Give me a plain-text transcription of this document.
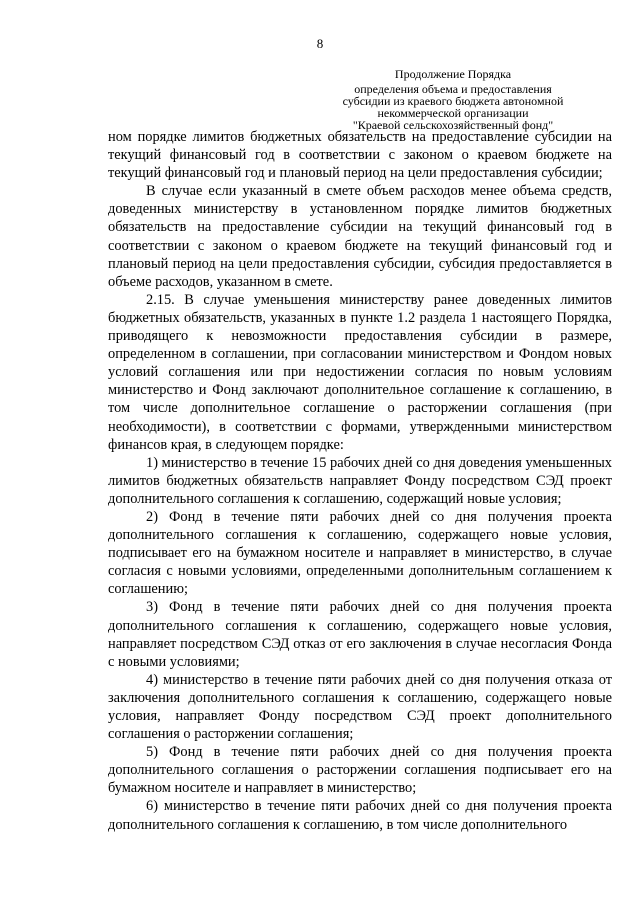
8
Продолжение Порядка
определения объема и предоставления
субсидии из краевого бюджета автономной
некоммерческой организации
"Краевой сельскохозяйственный фонд"

ном порядке лимитов бюджетных обязательств на предоставление субсидии на текущий финансовый год в соответствии с законом о краевом бюджете на текущий финансовый год и плановый период на цели предоставления субсидии;

В случае если указанный в смете объем расходов менее объема средств, доведенных министерству в установленном порядке лимитов бюджетных обязательств на предоставление субсидии на текущий финансовый год в соответствии с законом о краевом бюджете на текущий финансовый год и плановый период на цели предоставления субсидии, субсидия предоставляется в объеме расходов, указанном в смете.

2.15. В случае уменьшения министерству ранее доведенных лимитов бюджетных обязательств, указанных в пункте 1.2 раздела 1 настоящего Порядка, приводящего к невозможности предоставления субсидии в размере, определенном в соглашении, при согласовании министерством и Фондом новых условий соглашения или при недостижении согласия по новым условиям министерство и Фонд заключают дополнительное соглашение к соглашению, в том числе дополнительное соглашение о расторжении соглашения (при необходимости), в соответствии с формами, утвержденными министерством финансов края, в следующем порядке:

1) министерство в течение 15 рабочих дней со дня доведения уменьшенных лимитов бюджетных обязательств направляет Фонду посредством СЭД проект дополнительного соглашения к соглашению, содержащий новые условия;

2) Фонд в течение пяти рабочих дней со дня получения проекта дополнительного соглашения к соглашению, содержащего новые условия, подписывает его на бумажном носителе и направляет в министерство, в случае согласия с новыми условиями, определенными дополнительным соглашением к соглашению;

3) Фонд в течение пяти рабочих дней со дня получения проекта дополнительного соглашения к соглашению, содержащего новые условия, направляет посредством СЭД отказ от его заключения в случае несогласия Фонда с новыми условиями;

4) министерство в течение пяти рабочих дней со дня получения отказа от заключения дополнительного соглашения к соглашению, содержащего новые условия, направляет Фонду посредством СЭД проект дополнительного соглашения о расторжении соглашения;

5) Фонд в течение пяти рабочих дней со дня получения проекта дополнительного соглашения о расторжении соглашения подписывает его на бумажном носителе и направляет в министерство;

6) министерство в течение пяти рабочих дней со дня получения проекта дополнительного соглашения к соглашению, в том числе дополнительного
